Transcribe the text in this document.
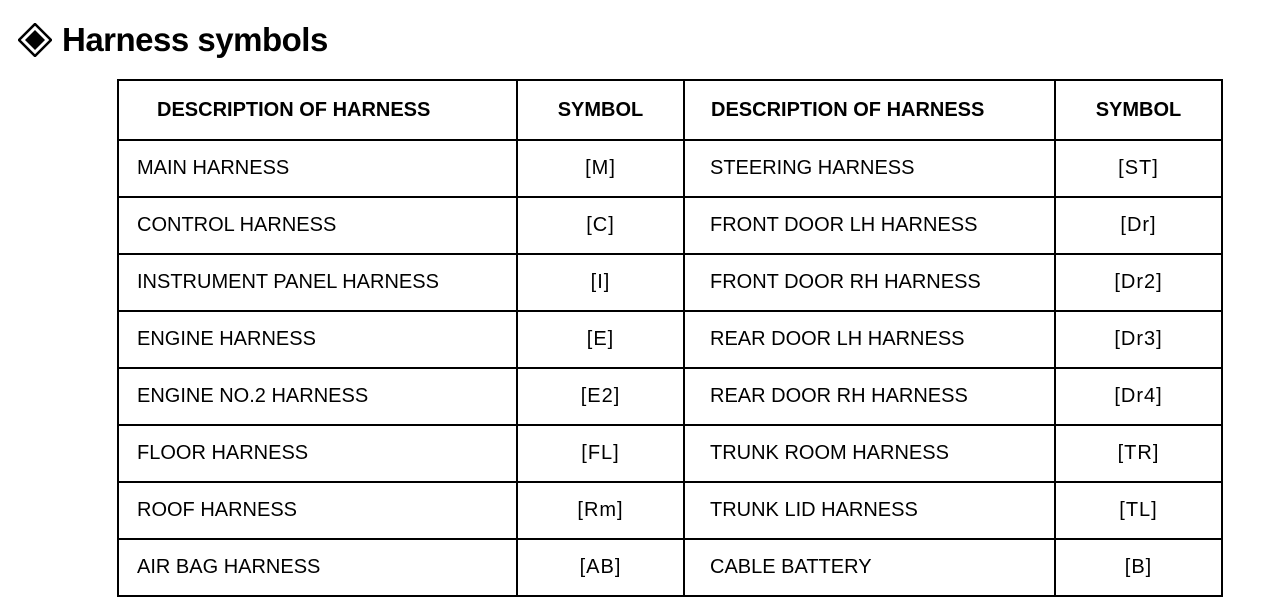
Harness symbols
DESCRIPTION OF HARNESS	SYMBOL	DESCRIPTION OF HARNESS	SYMBOL
MAIN HARNESS	[M]	STEERING HARNESS	[ST]
CONTROL HARNESS	[C]	FRONT DOOR LH HARNESS	[Dr]
INSTRUMENT PANEL HARNESS	[I]	FRONT DOOR RH HARNESS	[Dr2]
ENGINE HARNESS	[E]	REAR DOOR LH HARNESS	[Dr3]
ENGINE NO.2 HARNESS	[E2]	REAR DOOR RH HARNESS	[Dr4]
FLOOR HARNESS	[FL]	TRUNK ROOM HARNESS	[TR]
ROOF HARNESS	[Rm]	TRUNK LID HARNESS	[TL]
AIR BAG HARNESS	[AB]	CABLE BATTERY	[B]
